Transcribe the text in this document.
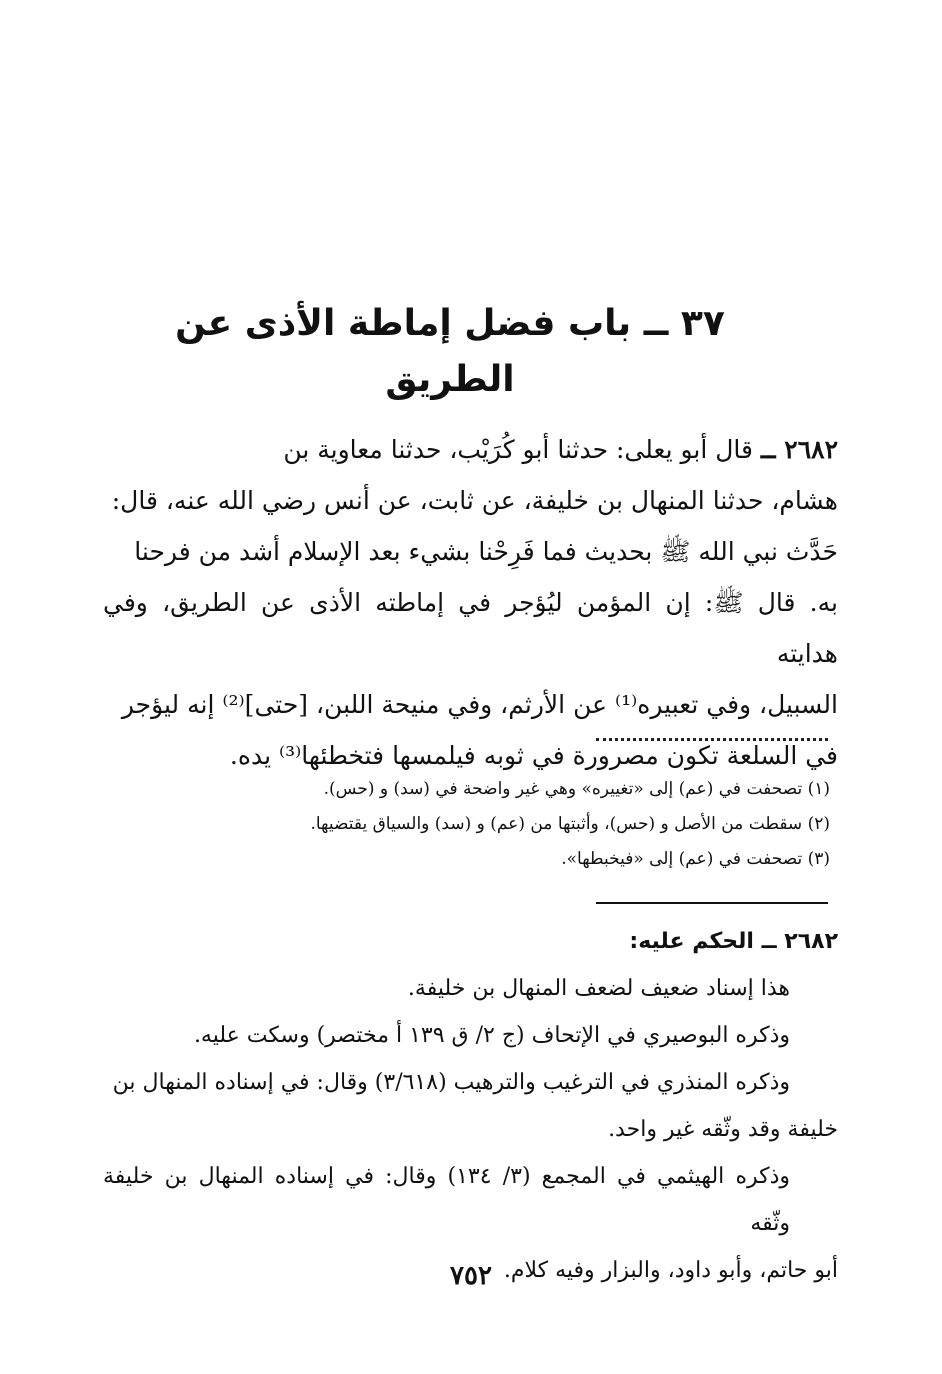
٣٧ ــ باب فضل إماطة الأذى عن الطريق

٢٦٨٢ ــ قال أبو يعلى: حدثنا أبو كُرَيْب، حدثنا معاوية بن

هشام، حدثنا المنهال بن خليفة، عن ثابت، عن أنس رضي الله عنه، قال:

حَدَّث نبي الله ﷺ بحديث فما فَرِحْنا بشيء بعد الإسلام أشد من فرحنا

به. قال ﷺ: إن المؤمن ليُؤجر في إماطته الأذى عن الطريق، وفي هدايته

السبيل، وفي تعبيره⁽¹⁾ عن الأرثم، وفي منيحة اللبن، [حتى]⁽²⁾ إنه ليؤجر

في السلعة تكون مصرورة في ثوبه فيلمسها فتخطئها⁽³⁾ يده.

(١) تصحفت في (عم) إلى «تغييره» وهي غير واضحة في (سد) و (حس).
(٢) سقطت من الأصل و (حس)، وأثبتها من (عم) و (سد) والسياق يقتضيها.
(٣) تصحفت في (عم) إلى «فيخبطها».

٢٦٨٢ ــ الحكم عليه:

هذا إسناد ضعيف لضعف المنهال بن خليفة.

وذكره البوصيري في الإتحاف (ج ٢/ ق ١٣٩ أ مختصر) وسكت عليه.

وذكره المنذري في الترغيب والترهيب (٣/٦١٨) وقال: في إسناده المنهال بن

خليفة وقد وثّقه غير واحد.

وذكره الهيثمي في المجمع (٣/ ١٣٤) وقال: في إسناده المنهال بن خليفة وثّقه

أبو حاتم، وأبو داود، والبزار وفيه كلام.

٧٥٢
